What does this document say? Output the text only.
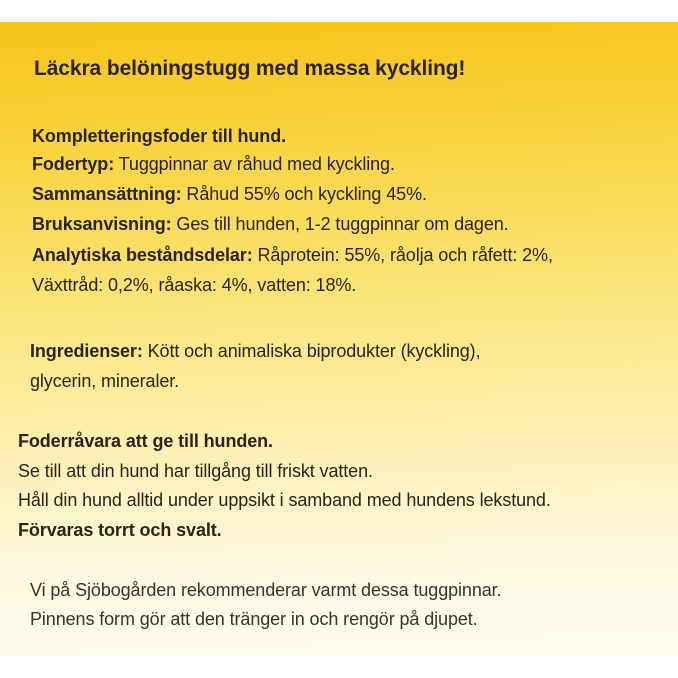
Läckra belöningstugg med massa kyckling!
Kompletteringsfoder till hund.
Fodertyp: Tuggpinnar av råhud med kyckling.
Sammansättning: Råhud 55% och kyckling 45%.
Bruksanvisning: Ges till hunden, 1-2 tuggpinnar om dagen.
Analytiska beståndsdelar: Råprotein: 55%, råolja och råfett: 2%,
Växttråd: 0,2%, råaska: 4%, vatten: 18%.
Ingredienser: Kött och animaliska biprodukter (kyckling),
glycerin, mineraler.
Foderråvara att ge till hunden.
Se till att din hund har tillgång till friskt vatten.
Håll din hund alltid under uppsikt i samband med hundens lekstund.
Förvaras torrt och svalt.
Vi på Sjöbogården rekommenderar varmt dessa tuggpinnar.
Pinnens form gör att den tränger in och rengör på djupet.
